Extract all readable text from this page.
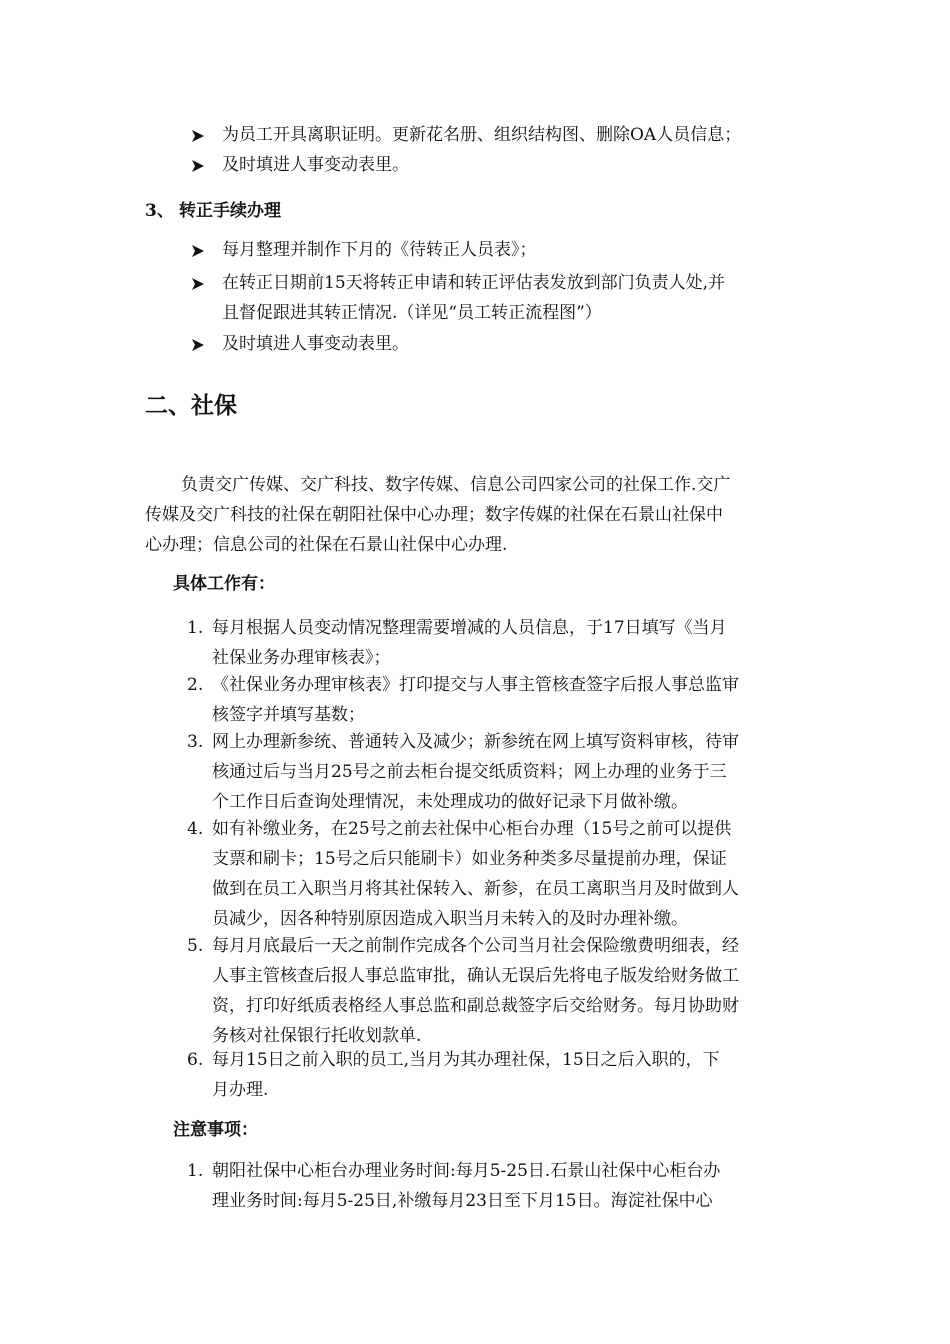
为员工开具离职证明。更新花名册、组织结构图、删除OA人员信息；
及时填进人事变动表里。
3、 转正手续办理
每月整理并制作下月的《待转正人员表》；
在转正日期前15天将转正申请和转正评估表发放到部门负责人处,并
且督促跟进其转正情况.（详见“员工转正流程图”）
及时填进人事变动表里。
二、社保
负责交广传媒、交广科技、数字传媒、信息公司四家公司的社保工作.交广
传媒及交广科技的社保在朝阳社保中心办理；数字传媒的社保在石景山社保中
心办理；信息公司的社保在石景山社保中心办理.
具体工作有：
1. 每月根据人员变动情况整理需要增减的人员信息，于17日填写《当月
社保业务办理审核表》；
2. 《社保业务办理审核表》打印提交与人事主管核查签字后报人事总监审
核签字并填写基数；
3. 网上办理新参统、普通转入及减少；新参统在网上填写资料审核，待审
核通过后与当月25号之前去柜台提交纸质资料；网上办理的业务于三
个工作日后查询处理情况，未处理成功的做好记录下月做补缴。
4. 如有补缴业务，在25号之前去社保中心柜台办理（15号之前可以提供
支票和刷卡；15号之后只能刷卡）如业务种类多尽量提前办理，保证
做到在员工入职当月将其社保转入、新参，在员工离职当月及时做到人
员减少，因各种特别原因造成入职当月未转入的及时办理补缴。
5. 每月月底最后一天之前制作完成各个公司当月社会保险缴费明细表，经
人事主管核查后报人事总监审批，确认无误后先将电子版发给财务做工
资，打印好纸质表格经人事总监和副总裁签字后交给财务。每月协助财
务核对社保银行托收划款单.
6. 每月15日之前入职的员工,当月为其办理社保，15日之后入职的，下
月办理.
注意事项：
1. 朝阳社保中心柜台办理业务时间:每月5-25日.石景山社保中心柜台办
理业务时间:每月5-25日,补缴每月23日至下月15日。海淀社保中心
